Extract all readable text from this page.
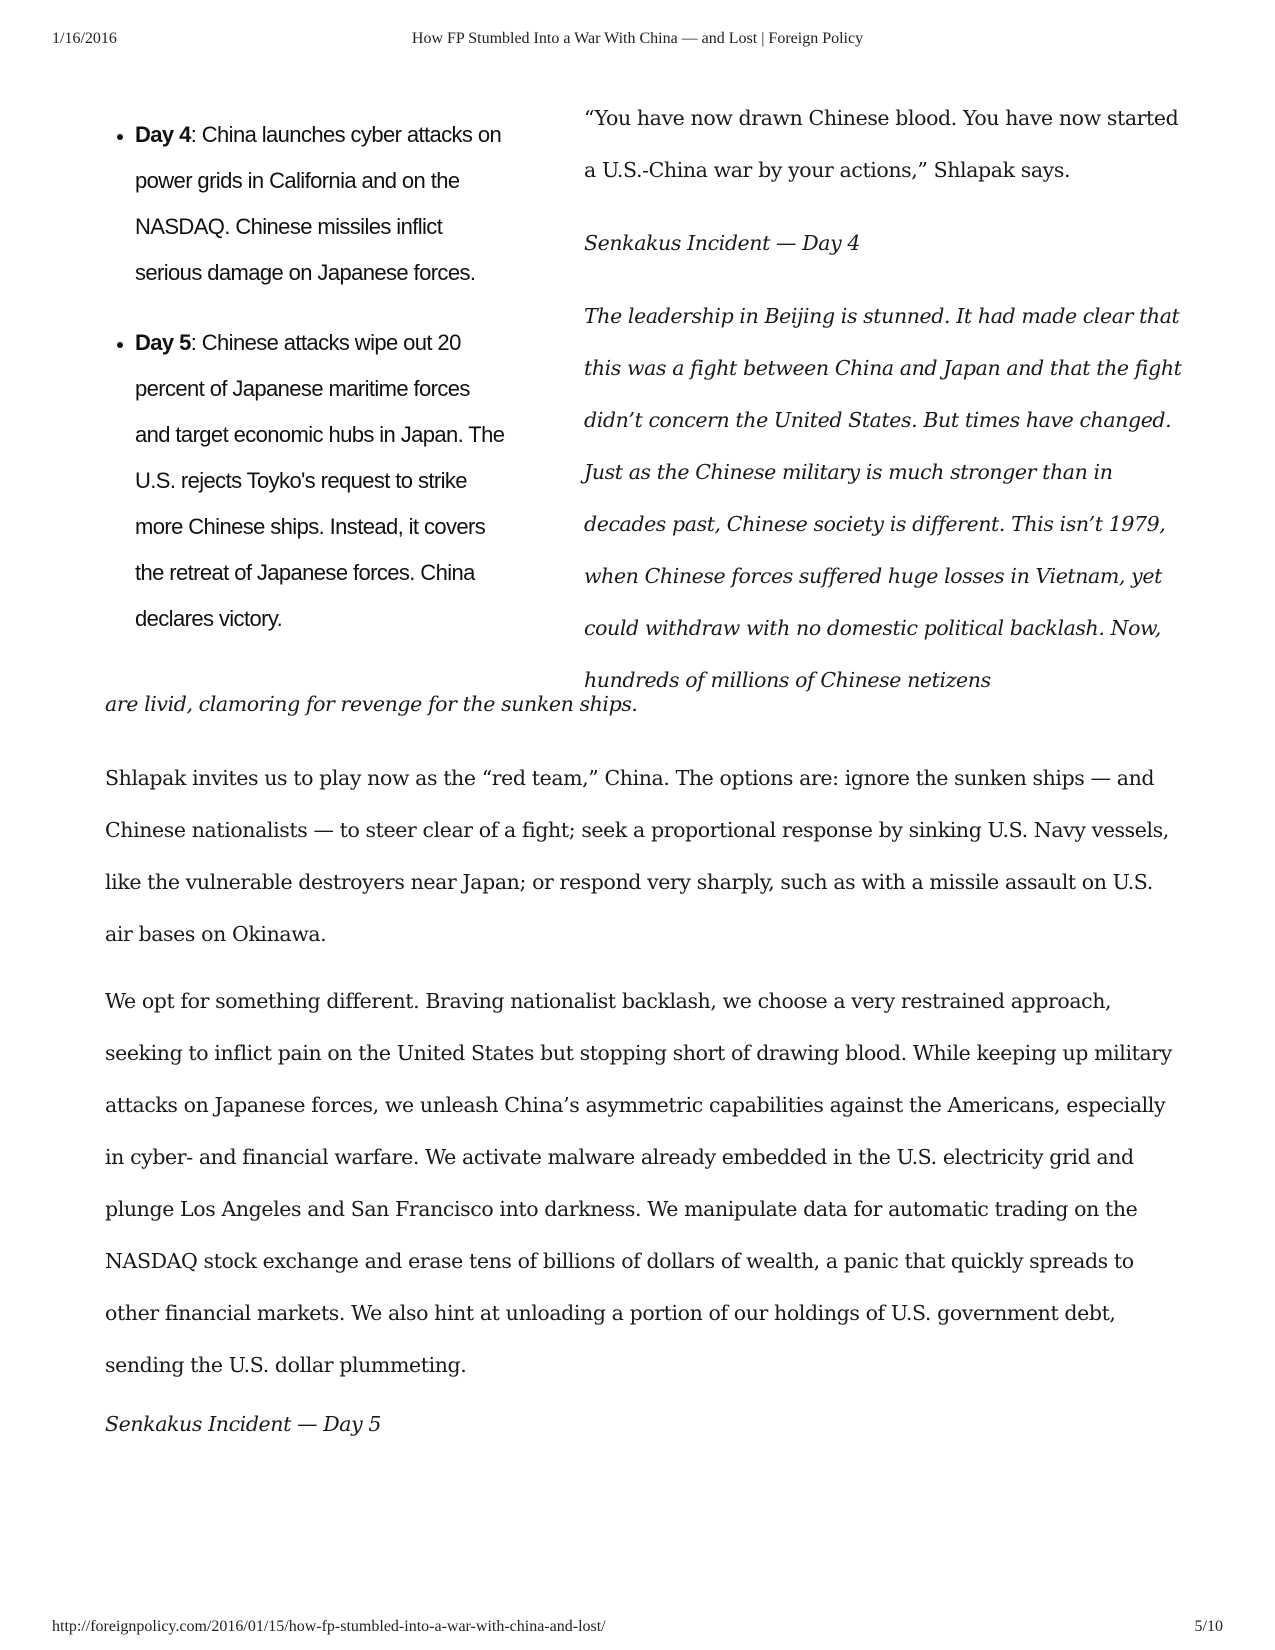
1/16/2016	How FP Stumbled Into a War With China — and Lost | Foreign Policy
• Day 4: China launches cyber attacks on power grids in California and on the NASDAQ. Chinese missiles inflict serious damage on Japanese forces.
• Day 5: Chinese attacks wipe out 20 percent of Japanese maritime forces and target economic hubs in Japan. The U.S. rejects Toyko's request to strike more Chinese ships. Instead, it covers the retreat of Japanese forces. China declares victory.

“You have now drawn Chinese blood. You have now started a U.S.-China war by your actions,” Shlapak says.

Senkakus Incident — Day 4

The leadership in Beijing is stunned. It had made clear that this was a fight between China and Japan and that the fight didn’t concern the United States. But times have changed. Just as the Chinese military is much stronger than in decades past, Chinese society is different. This isn’t 1979, when Chinese forces suffered huge losses in Vietnam, yet could withdraw with no domestic political backlash. Now, hundreds of millions of Chinese netizens

are livid, clamoring for revenge for the sunken ships.

Shlapak invites us to play now as the “red team,” China. The options are: ignore the sunken ships — and Chinese nationalists — to steer clear of a fight; seek a proportional response by sinking U.S. Navy vessels, like the vulnerable destroyers near Japan; or respond very sharply, such as with a missile assault on U.S. air bases on Okinawa.

We opt for something different. Braving nationalist backlash, we choose a very restrained approach, seeking to inflict pain on the United States but stopping short of drawing blood. While keeping up military attacks on Japanese forces, we unleash China’s asymmetric capabilities against the Americans, especially in cyber- and financial warfare. We activate malware already embedded in the U.S. electricity grid and plunge Los Angeles and San Francisco into darkness. We manipulate data for automatic trading on the NASDAQ stock exchange and erase tens of billions of dollars of wealth, a panic that quickly spreads to other financial markets. We also hint at unloading a portion of our holdings of U.S. government debt, sending the U.S. dollar plummeting.

Senkakus Incident — Day 5

http://foreignpolicy.com/2016/01/15/how-fp-stumbled-into-a-war-with-china-and-lost/	5/10
